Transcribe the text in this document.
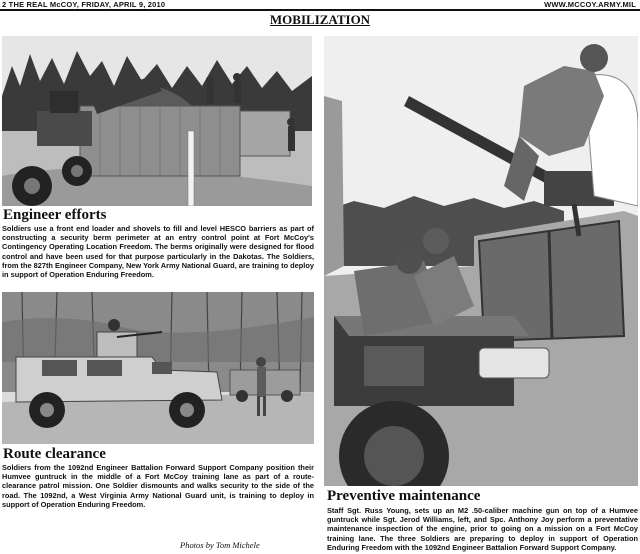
2 THE REAL McCOY, FRIDAY, APRIL 9, 2010	WWW.MCCOY.ARMY.MIL
MOBILIZATION
Engineer efforts
Soldiers use a front end loader and shovels to fill and level HESCO barriers as part of constructing a security berm perimeter at an entry control point at Fort McCoy's Contingency Operating Location Freedom. The berms originally were designed for flood control and have been used for that purpose particularly in the Dakotas. The Soldiers, from the 827th Engineer Company, New York Army National Guard, are training to deploy in support of Operation Enduring Freedom.
Route clearance
Soldiers from the 1092nd Engineer Battalion Forward Support Company position their Humvee guntruck in the middle of a Fort McCoy training lane as part of a route-clearance patrol mission. One Soldier dismounts and walks security to the side of the road. The 1092nd, a West Virginia Army National Guard unit, is training to deploy in support of Operation Enduring Freedom.
Photos by Tom Michele
Preventive maintenance
Staff Sgt. Russ Young, sets up an M2 .50-caliber machine gun on top of a Humvee guntruck while Sgt. Jerod Williams, left, and Spc. Anthony Joy perform a preventative maintenance inspection of the engine, prior to going on a mission on a Fort McCoy training lane. The three Soldiers are preparing to deploy in support of Operation Enduring Freedom with the 1092nd Engineer Battalion Forward Support Company.
